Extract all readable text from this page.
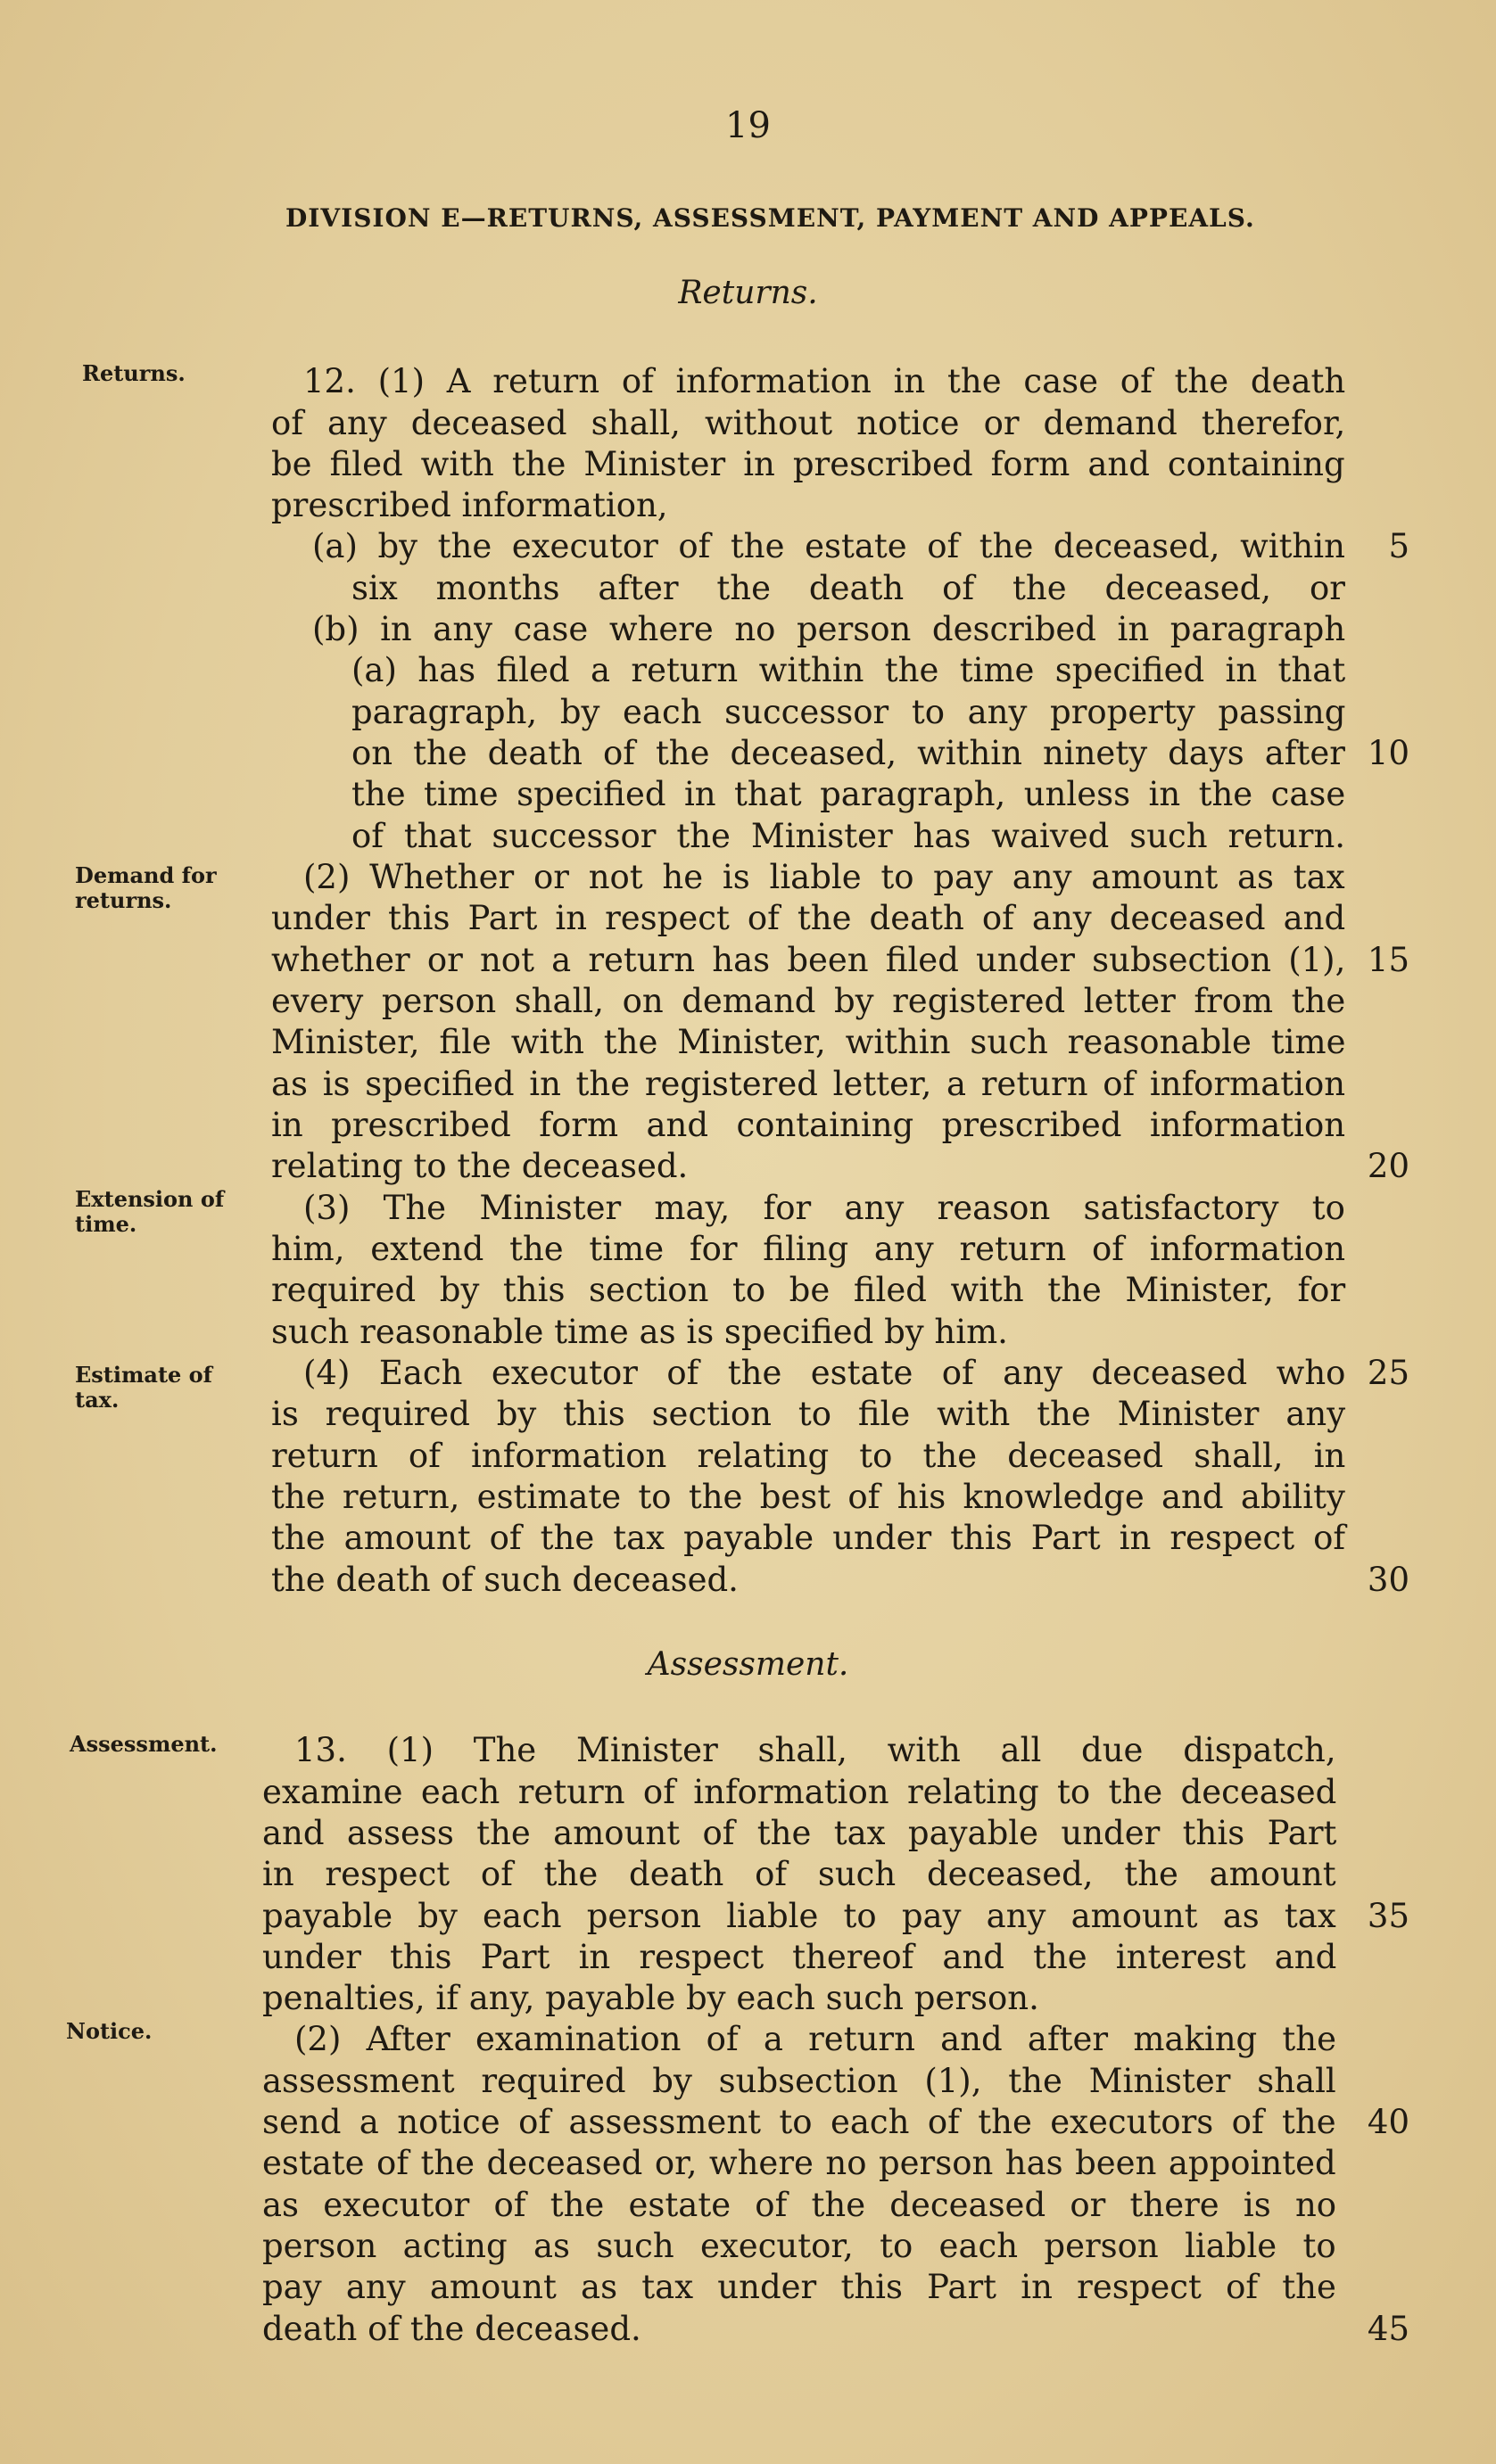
19
DIVISION E—RETURNS, ASSESSMENT, PAYMENT AND APPEALS.
Returns.
Assessment.
Returns.
Demand for
returns.
Extension of
time.
Estimate of
tax.
Assessment.
Notice.
12. (1) A return of information in the case of the death
of any deceased shall, without notice or demand therefor,
be filed with the Minister in prescribed form and containing
prescribed information,
(a) by the executor of the estate of the deceased, within
six months after the death of the deceased, or
(b) in any case where no person described in paragraph
(a) has filed a return within the time specified in that
paragraph, by each successor to any property passing
on the death of the deceased, within ninety days after
the time specified in that paragraph, unless in the case
of that successor the Minister has waived such return.
(2) Whether or not he is liable to pay any amount as tax
under this Part in respect of the death of any deceased and
whether or not a return has been filed under subsection (1),
every person shall, on demand by registered letter from the
Minister, file with the Minister, within such reasonable time
as is specified in the registered letter, a return of information
in prescribed form and containing prescribed information
relating to the deceased.
(3) The Minister may, for any reason satisfactory to
him, extend the time for filing any return of information
required by this section to be filed with the Minister, for
such reasonable time as is specified by him.
(4) Each executor of the estate of any deceased who
is required by this section to file with the Minister any
return of information relating to the deceased shall, in
the return, estimate to the best of his knowledge and ability
the amount of the tax payable under this Part in respect of
the death of such deceased.
13. (1) The Minister shall, with all due dispatch,
examine each return of information relating to the deceased
and assess the amount of the tax payable under this Part
in respect of the death of such deceased, the amount
payable by each person liable to pay any amount as tax
under this Part in respect thereof and the interest and
penalties, if any, payable by each such person.
(2) After examination of a return and after making the
assessment required by subsection (1), the Minister shall
send a notice of assessment to each of the executors of the
estate of the deceased or, where no person has been appointed
as executor of the estate of the deceased or there is no
person acting as such executor, to each person liable to
pay any amount as tax under this Part in respect of the
death of the deceased.
5
10
15
20
25
30
35
40
45
